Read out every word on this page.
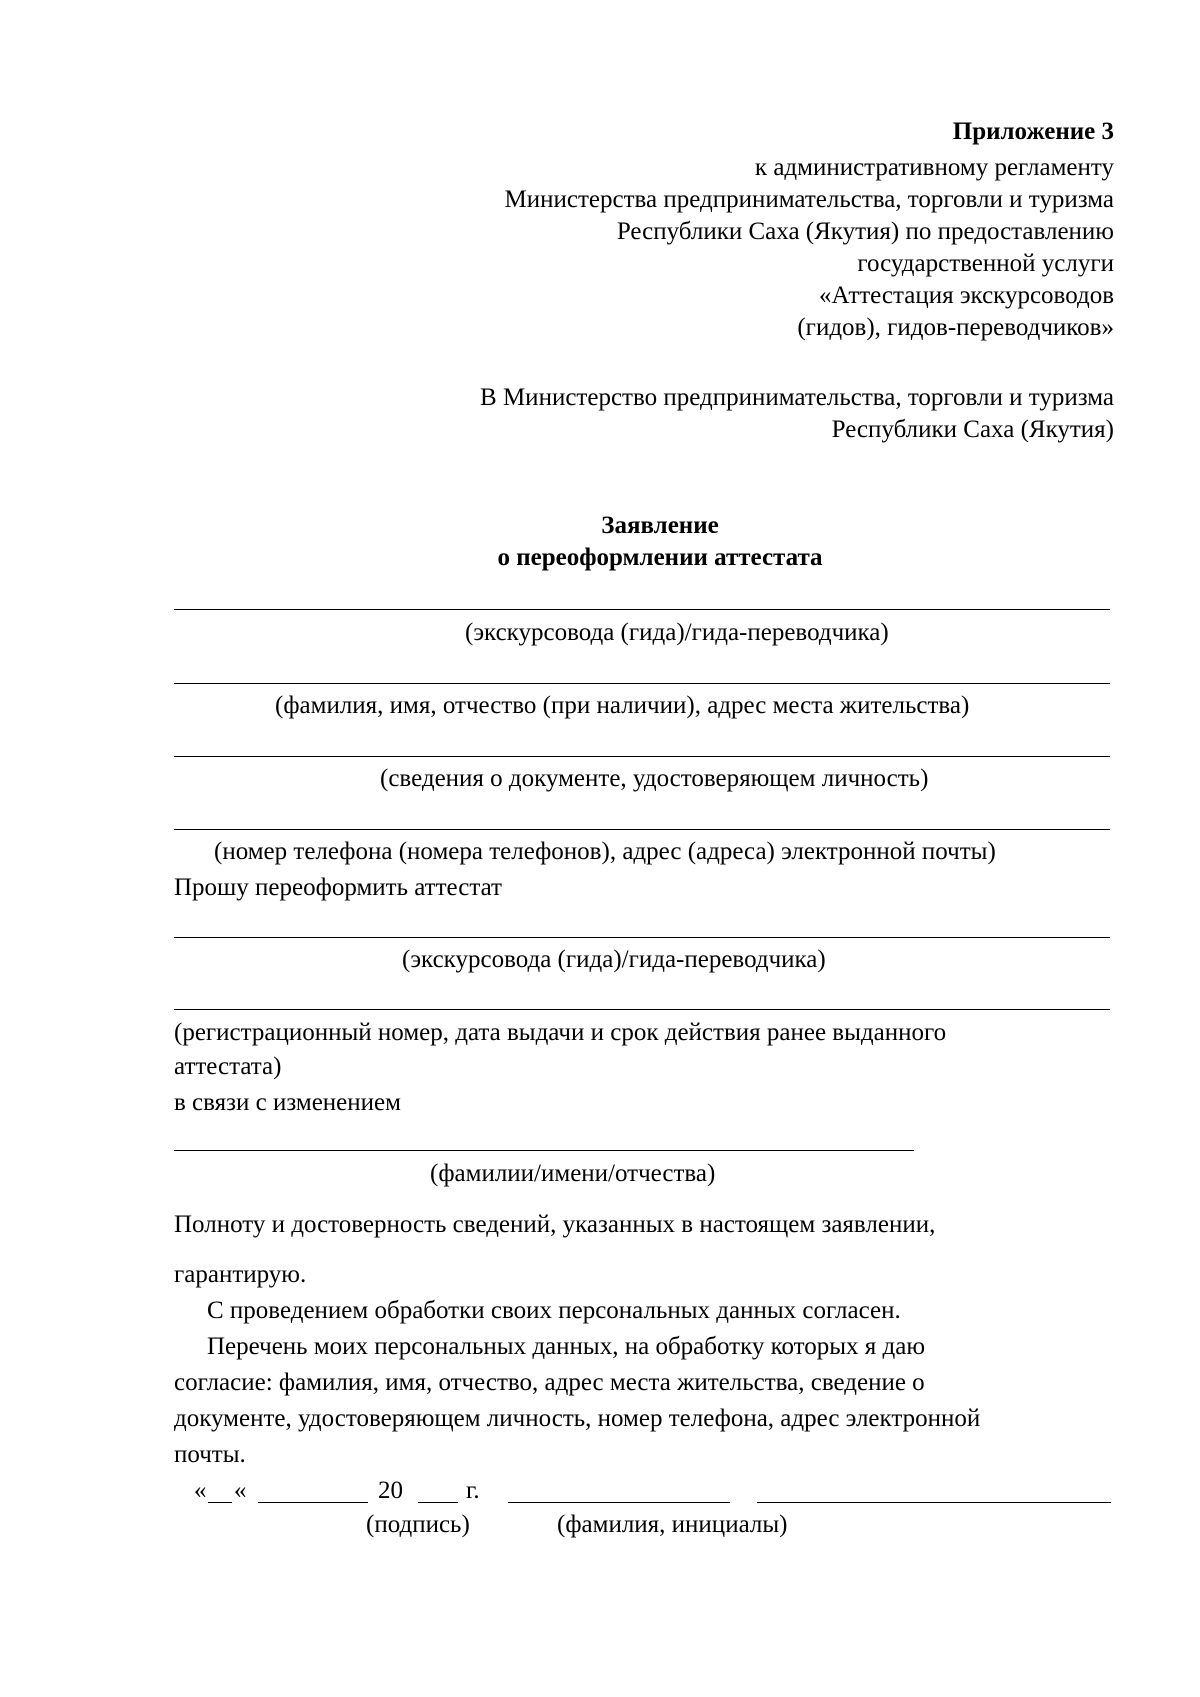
Приложение 3
к административному регламенту
Министерства предпринимательства, торговли и туризма
Республики Саха (Якутия) по предоставлению
государственной услуги
«Аттестация экскурсоводов
(гидов), гидов-переводчиков»
В Министерство предпринимательства, торговли и туризма
Республики Саха (Якутия)
Заявление
о переоформлении аттестата
(экскурсовода (гида)/гида-переводчика)
(фамилия, имя, отчество (при наличии), адрес места жительства)
(сведения о документе, удостоверяющем личность)
(номер телефона (номера телефонов), адрес (адреса) электронной почты)
Прошу переоформить аттестат
(экскурсовода (гида)/гида-переводчика)
(регистрационный номер, дата выдачи и срок действия ранее выданного
аттестата)
в связи с изменением
(фамилии/имени/отчества)
Полноту и достоверность сведений, указанных в настоящем заявлении,
гарантирую.
С проведением обработки своих персональных данных согласен.
Перечень моих персональных данных, на обработку которых я дaю
согласие: фамилия, имя, отчество, адрес места жительства, сведение о
документе, удостоверяющем личность, номер телефона, адрес электронной
почты.
« «	20	г.
(подпись)	(фамилия, инициалы)
